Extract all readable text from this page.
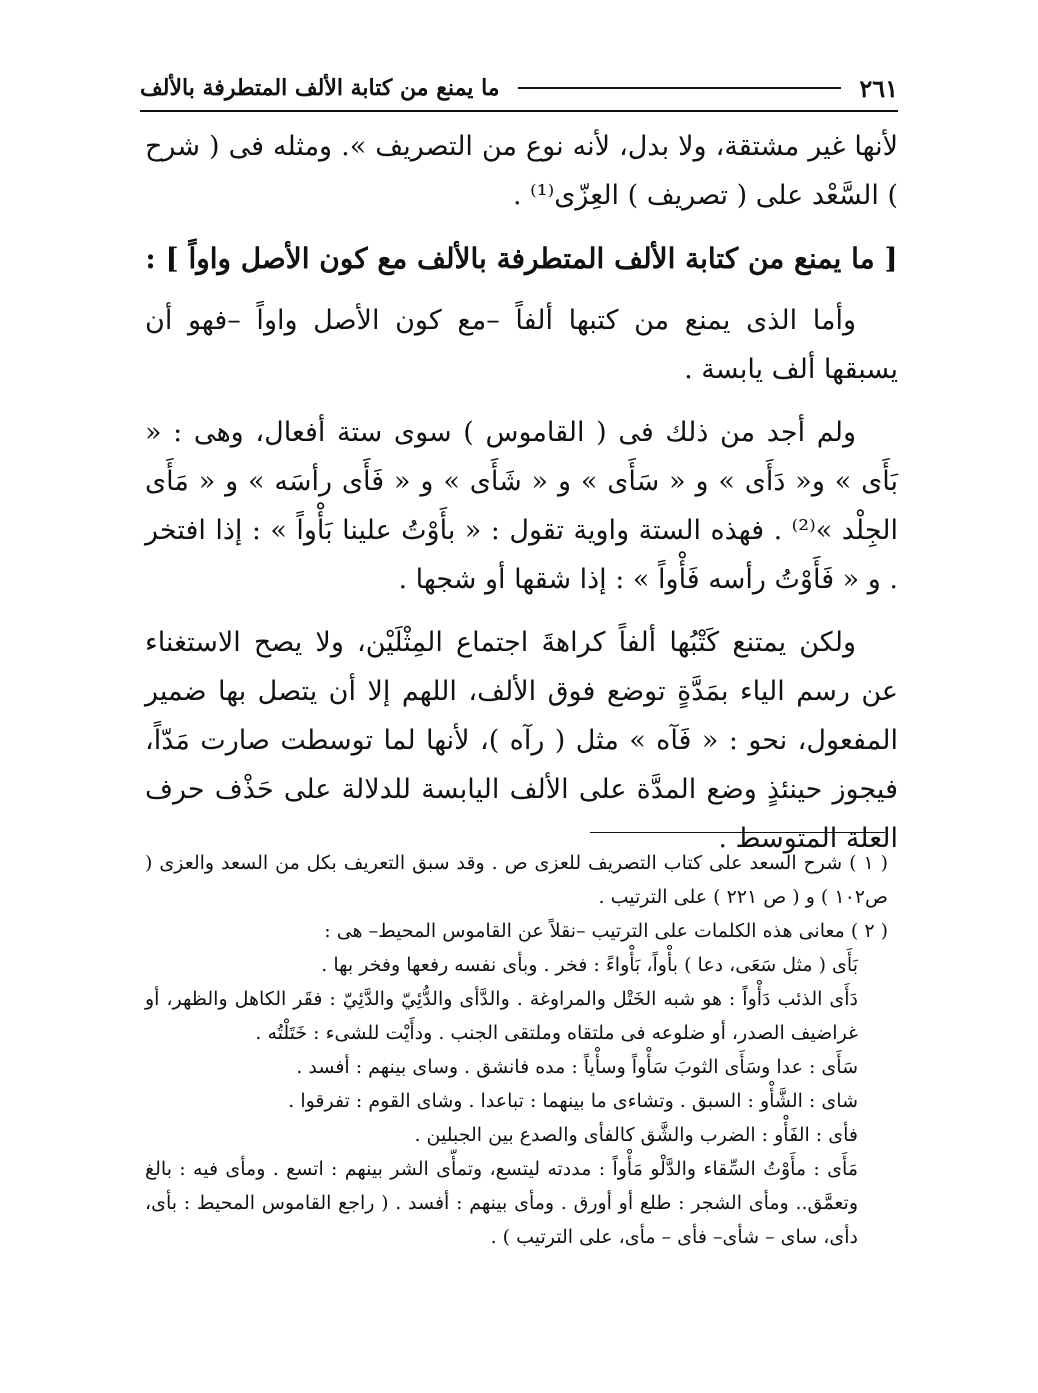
٢٦١
ما يمنع من كتابة الألف المتطرفة بالألف

لأنها غير مشتقة، ولا بدل، لأنه نوع من التصريف ». ومثله فى ( شرح ) السَّعْد على ( تصريف ) العِزّى⁽¹⁾ .

[ ما يمنع من كتابة الألف المتطرفة بالألف مع كون الأصل واواً ] :

وأما الذى يمنع من كتبها ألفاً –مع كون الأصل واواً –فهو أن يسبقها ألف يابسة .

ولم أجد من ذلك فى ( القاموس ) سوى ستة أفعال، وهى : « بَأَى » و« دَأَى » و « سَأَى » و « شَأَى » و « فَأَى رأسَه » و « مَأَى الجِلْد »⁽²⁾ . فهذه الستة واوية تقول : « بأَوْتُ علينا بَأْواً » : إذا افتخر . و « فَأَوْتُ رأسه فَأْواً » : إذا شقها أو شجها .

ولكن يمتنع كَتْبُها ألفاً كراهةَ اجتماع المِثْلَيْن، ولا يصح الاستغناء عن رسم الياء بمَدَّةٍ توضع فوق الألف، اللهم إلا أن يتصل بها ضمير المفعول، نحو : « فَآه » مثل ( رآه )، لأنها لما توسطت صارت مَدّاً، فيجوز حينئذٍ وضع المدَّة على الألف اليابسة للدلالة على حَذْف حرف العلة المتوسط .

( ١ ) شرح السعد على كتاب التصريف للعزى ص . وقد سبق التعريف بكل من السعد والعزى ( ص١٠٢ ) و ( ص ٢٢١ ) على الترتيب .

( ٢ ) معانى هذه الكلمات على الترتيب –نقلاً عن القاموس المحيط– هى :

بَأَى ( مثل سَعَى، دعا ) بأْواً، بَأْواءً : فخر . وبأى نفسه رفعها وفخر بها .

دَأَى الذئب دَأْواً : هو شبه الخَتْل والمراوغة . والدَّأى والدُّئِيّ والدَّئِيّ : فقَر الكاهل والظهر، أو غراضيف الصدر، أو ضلوعه فى ملتقاه وملتقى الجنب . ودأَيْت للشىء : خَتَلْتُه .

سَأَى : عدا وسَأَى الثوبَ سَأْواً وسأْياً : مده فانشق . وساى بينهم : أفسد .

شاى : الشَّأْو : السبق . وتشاءى ما بينهما : تباعدا . وشاى القوم : تفرقوا .

فأى : الفَأْو : الضرب والشَّق كالفأى والصدع بين الجبلين .

مَأَى : مأَوْتُ السِّقاء والدَّلْو مَأْواً : مددته ليتسع، وتمأّى الشر بينهم : اتسع . ومأى فيه : بالغ وتعمَّق.. ومأى الشجر : طلع أو أورق . ومأى بينهم : أفسد . ( راجع القاموس المحيط : بأى، دأى، ساى – شأى– فأى – مأى، على الترتيب ) .
